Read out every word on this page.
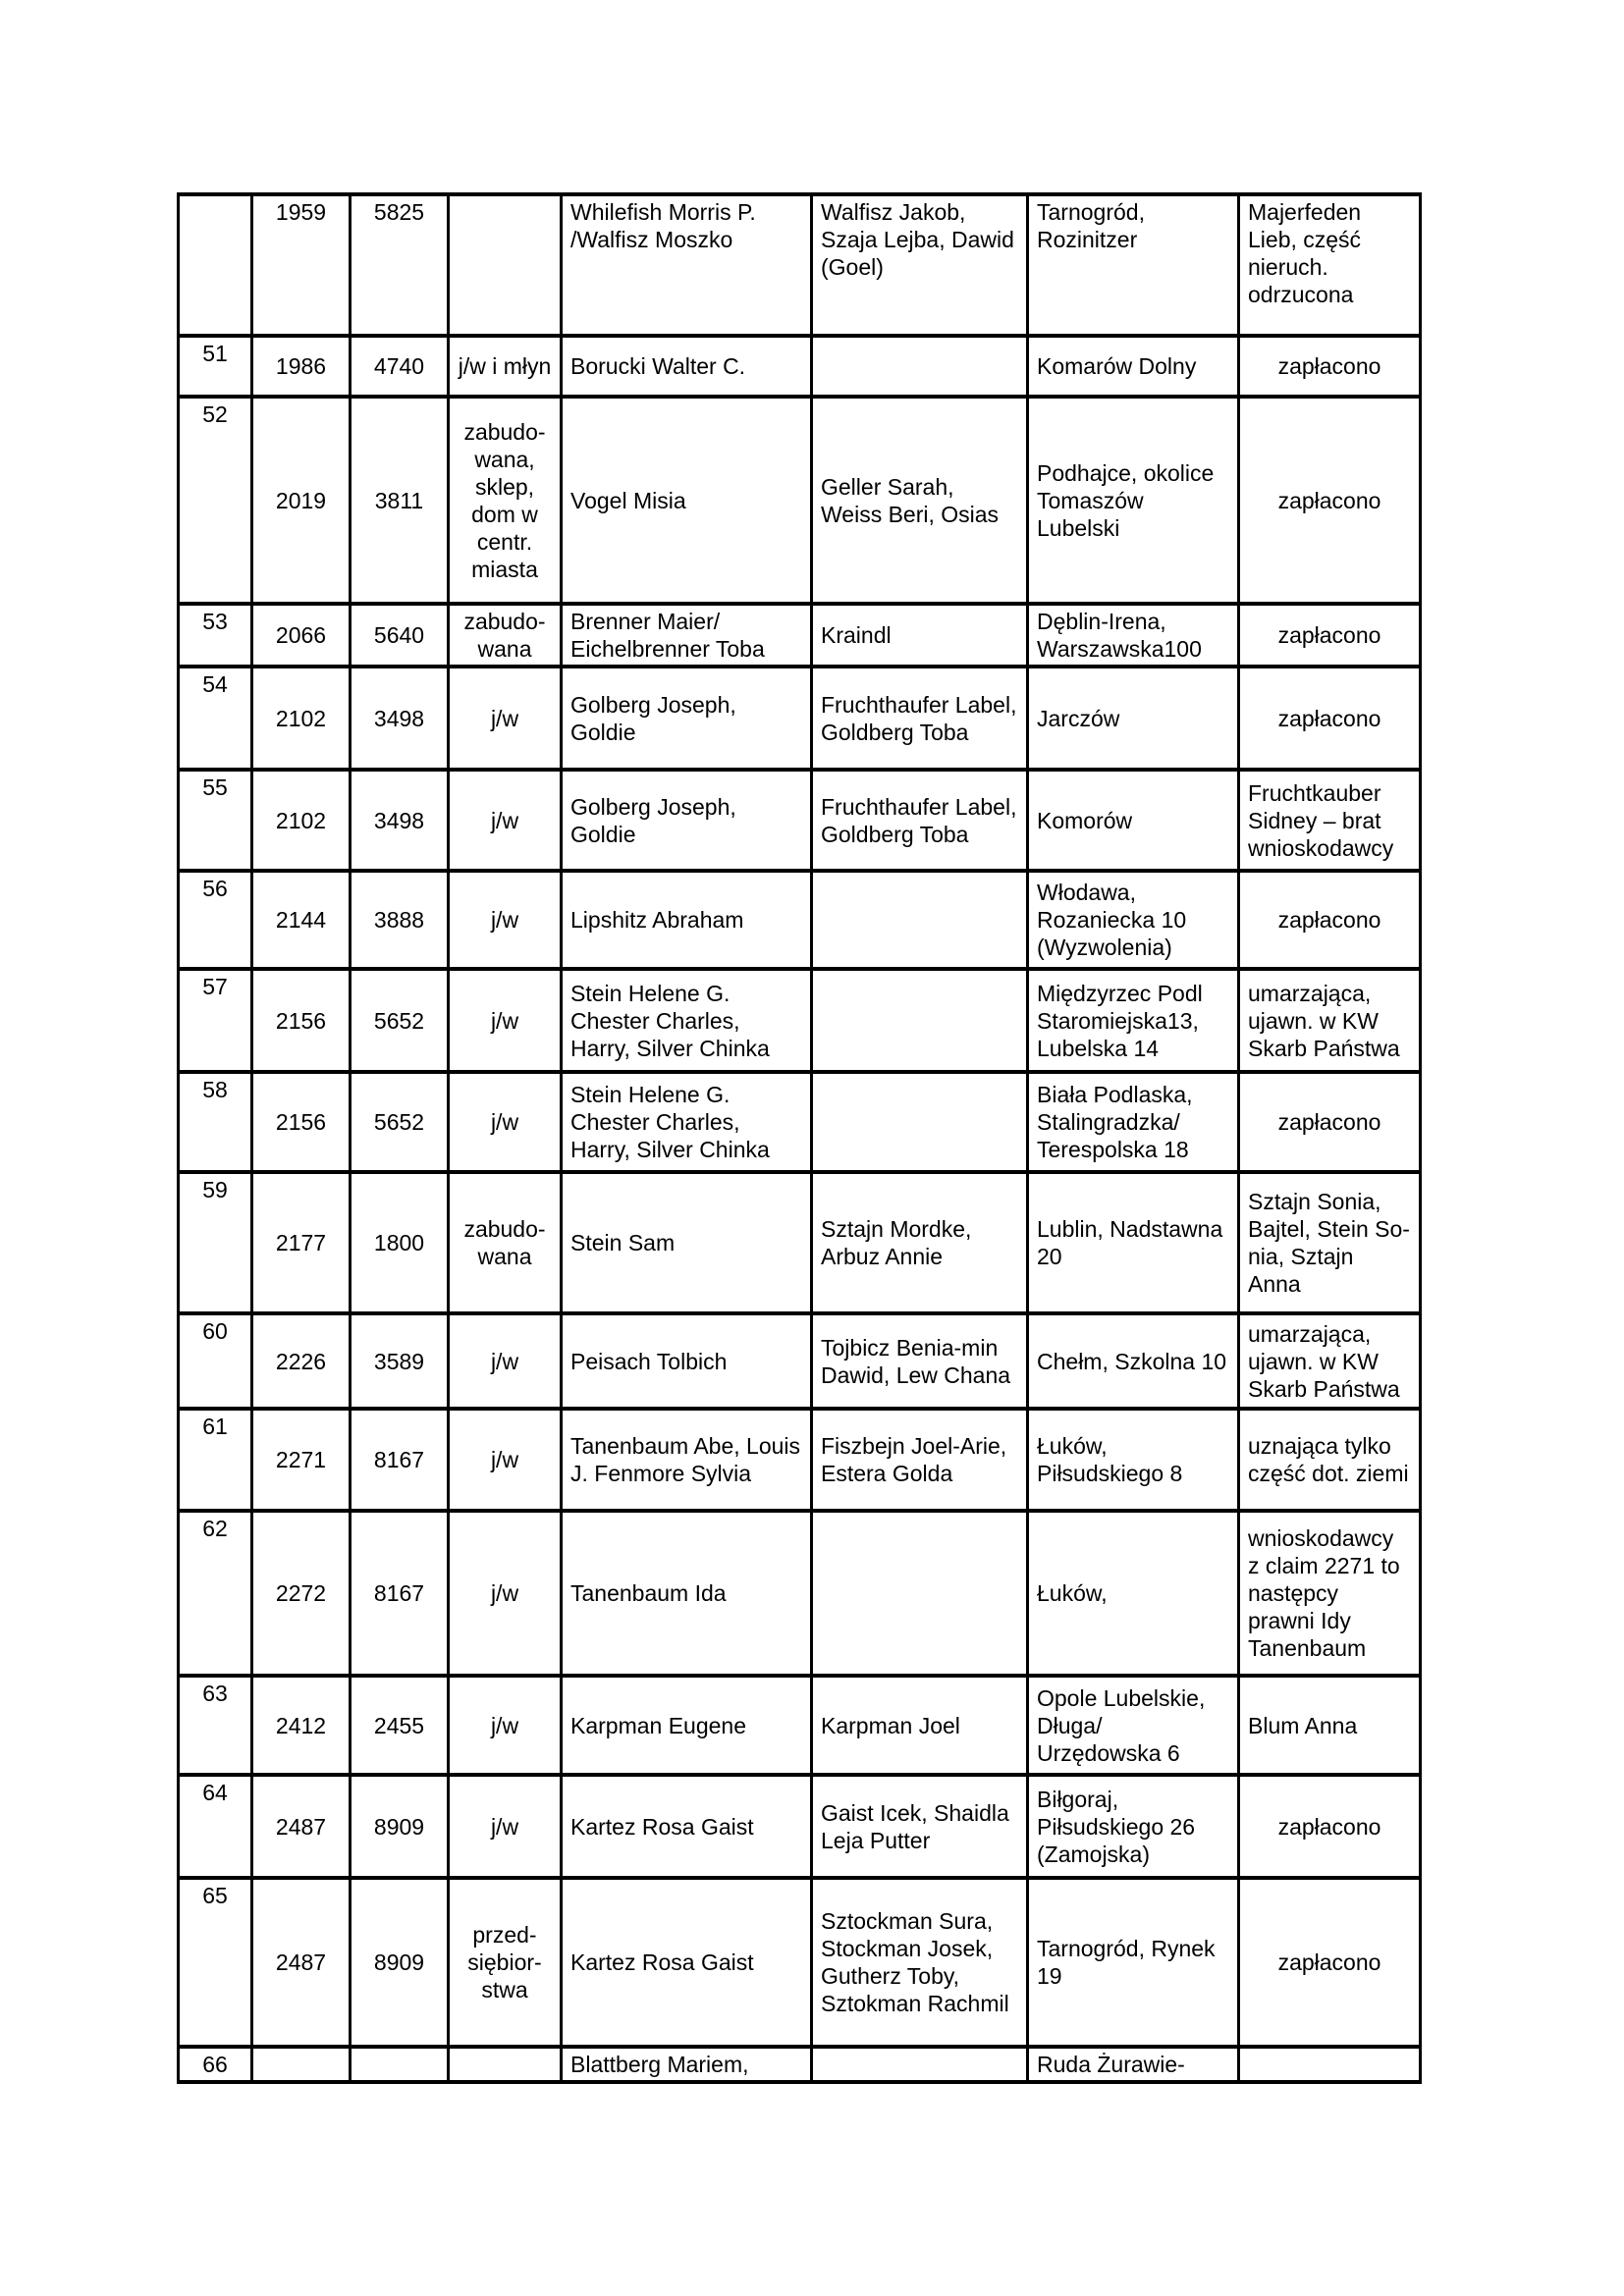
	1959	5825		Whilefish Morris P. /Walfisz Moszko	Walfisz Jakob, Szaja Lejba, Dawid (Goel)	Tarnogród, Rozinitzer	Majerfeden Lieb, część nieruch. odrzucona
51	1986	4740	j/w i młyn	Borucki Walter C.		Komarów Dolny	zapłacono
52	2019	3811	zabudo-wana, sklep, dom w centr. miasta	Vogel Misia	Geller Sarah, Weiss Beri, Osias	Podhajce, okolice Tomaszów Lubelski	zapłacono
53	2066	5640	zabudo-wana	Brenner Maier/ Eichelbrenner Toba	Kraindl	Dęblin-Irena, Warszawska100	zapłacono
54	2102	3498	j/w	Golberg Joseph, Goldie	Fruchthaufer Label, Goldberg Toba	Jarczów	zapłacono
55	2102	3498	j/w	Golberg Joseph, Goldie	Fruchthaufer Label, Goldberg Toba	Komorów	Fruchtkauber Sidney – brat wnioskodawcy
56	2144	3888	j/w	Lipshitz Abraham		Włodawa, Rozaniecka 10 (Wyzwolenia)	zapłacono
57	2156	5652	j/w	Stein Helene G. Chester Charles, Harry, Silver Chinka		Międzyrzec Podl Staromiejska13, Lubelska 14	umarzająca, ujawn. w KW Skarb Państwa
58	2156	5652	j/w	Stein Helene G. Chester Charles, Harry, Silver Chinka		Biała Podlaska, Stalingradzka/ Terespolska 18	zapłacono
59	2177	1800	zabudo-wana	Stein Sam	Sztajn Mordke, Arbuz Annie	Lublin, Nadstawna 20	Sztajn Sonia, Bajtel, Stein So-nia, Sztajn Anna
60	2226	3589	j/w	Peisach Tolbich	Tojbicz Benia-min Dawid, Lew Chana	Chełm, Szkolna 10	umarzająca, ujawn. w KW Skarb Państwa
61	2271	8167	j/w	Tanenbaum Abe, Louis J. Fenmore Sylvia	Fiszbejn Joel-Arie, Estera Golda	Łuków, Piłsudskiego 8	uznająca tylko część dot. ziemi
62	2272	8167	j/w	Tanenbaum Ida		Łuków,	wnioskodawcy z claim 2271 to następcy prawni Idy Tanenbaum
63	2412	2455	j/w	Karpman Eugene	Karpman Joel	Opole Lubelskie, Długa/ Urzędowska 6	Blum Anna
64	2487	8909	j/w	Kartez Rosa Gaist	Gaist Icek, Shaidla Leja Putter	Biłgoraj, Piłsudskiego 26 (Zamojska)	zapłacono
65	2487	8909	przed-siębior-stwa	Kartez Rosa Gaist	Sztockman Sura, Stockman Josek, Gutherz Toby, Sztokman Rachmil	Tarnogród, Rynek 19	zapłacono
66				Blattberg Mariem,		Ruda Żurawie-	
